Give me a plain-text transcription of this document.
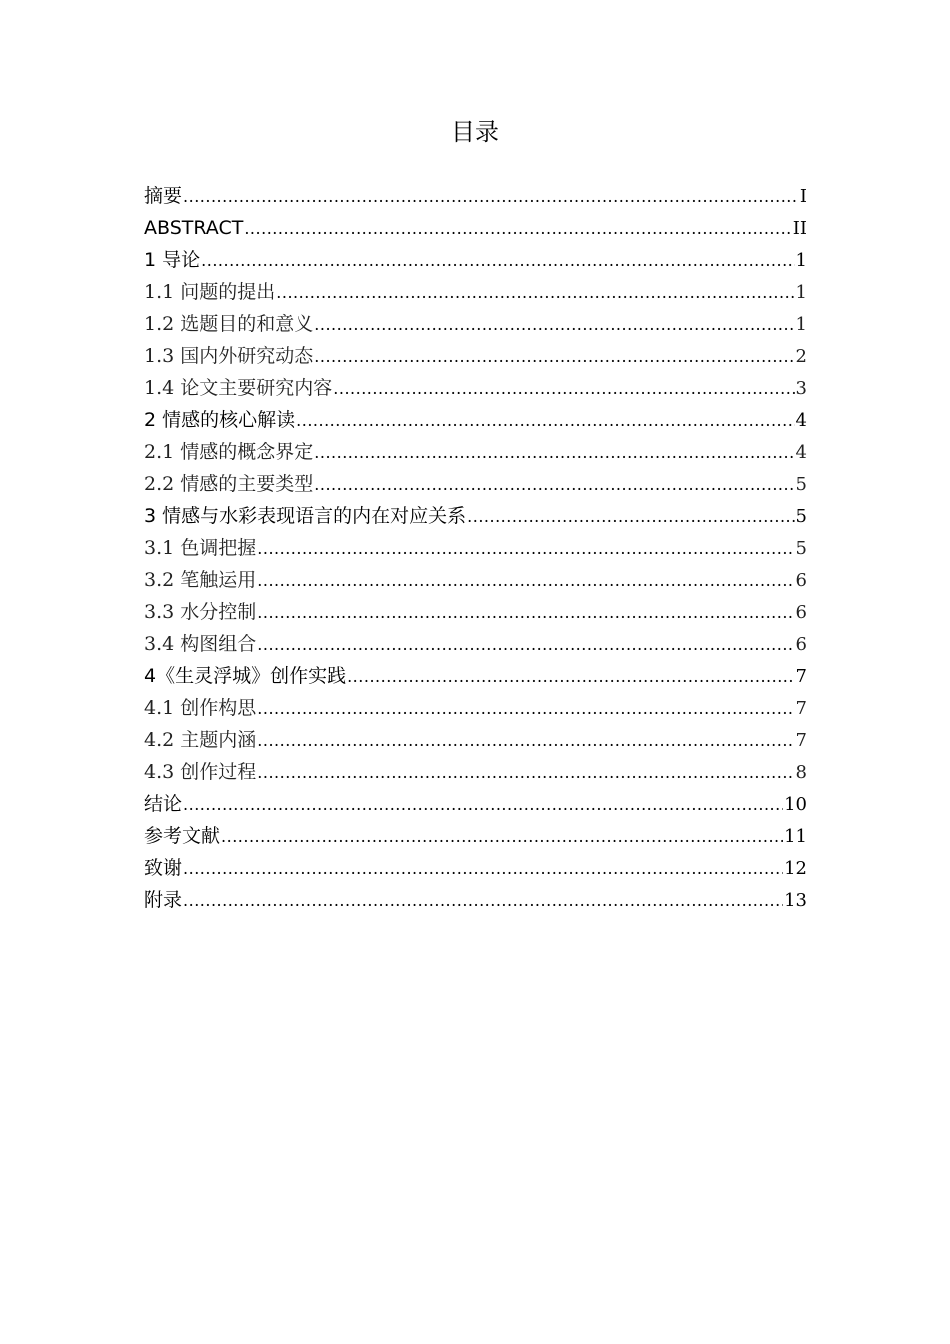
目录
摘要 .....	I
ABSTRACT .....	II
1 导论 .....	1
1.1 问题的提出 .....	1
1.2 选题目的和意义 .....	1
1.3 国内外研究动态 .....	2
1.4 论文主要研究内容 .....	3
2 情感的核心解读 .....	4
2.1 情感的概念界定 .....	4
2.2 情感的主要类型 .....	5
3 情感与水彩表现语言的内在对应关系 .....	5
3.1 色调把握 .....	5
3.2 笔触运用 .....	6
3.3 水分控制 .....	6
3.4 构图组合 .....	6
4《生灵浮城》创作实践 .....	7
4.1 创作构思 .....	7
4.2 主题内涵 .....	7
4.3 创作过程 .....	8
结论 .....	10
参考文献 .....	11
致谢 .....	12
附录 .....	13
